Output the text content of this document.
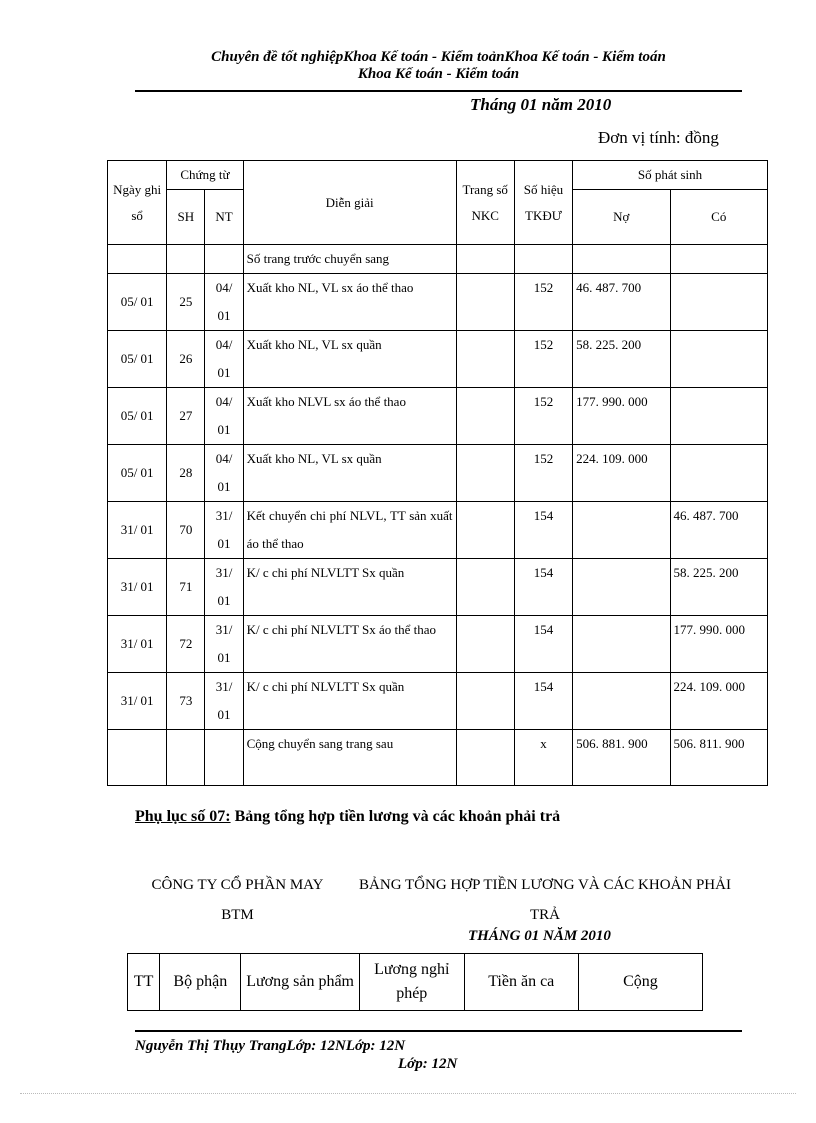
Chuyên đề tốt nghiệpKhoa Kế toán - Kiểm toảnKhoa Kế toán - Kiểm toán
Khoa Kế toán - Kiểm toán
Tháng 01 năm 2010
Đơn vị tính: đồng
Ngày ghi sổ	Chứng từ		Diễn giải	Trang số NKC	Số hiệu TKĐƯ	Số phát sinh	
	SH	NT				Nợ	Có

			Số trang trước chuyển sang				
05/ 01	25	04/ 01	Xuất kho NL, VL sx áo thể thao		152	46. 487. 700	
05/ 01	26	04/ 01	Xuất kho NL, VL sx quần		152	58. 225. 200	
05/ 01	27	04/ 01	Xuất kho NLVL sx áo thể thao		152	177. 990. 000	
05/ 01	28	04/ 01	Xuất kho NL, VL sx quần		152	224. 109. 000	
31/ 01	70	31/ 01	Kết chuyển chi phí NLVL, TT sản xuất áo thể thao		154		46. 487. 700
31/ 01	71	31/ 01	K/ c chi phí NLVLTT Sx quần		154		58. 225. 200
31/ 01	72	31/ 01	K/ c chi phí NLVLTT Sx áo thể thao		154		177. 990. 000
31/ 01	73	31/ 01	K/ c chi phí NLVLTT Sx quần		154		224. 109. 000
			Cộng chuyển sang trang sau		x	506. 881. 900	506. 811. 900
Phụ lục số 07: Bảng tổng hợp tiền lương và các khoản phải trả
CÔNG TY CỔ PHẦN MAY BTM
BẢNG TỔNG HỢP TIỀN LƯƠNG VÀ CÁC KHOẢN PHẢI TRẢ
THÁNG 01 NĂM 2010
TT	Bộ phận	Lương sản phẩm	Lương nghỉ phép	Tiền ăn ca	Cộng
Nguyễn Thị Thụy TrangLớp: 12NLớp: 12N
Lớp: 12N
